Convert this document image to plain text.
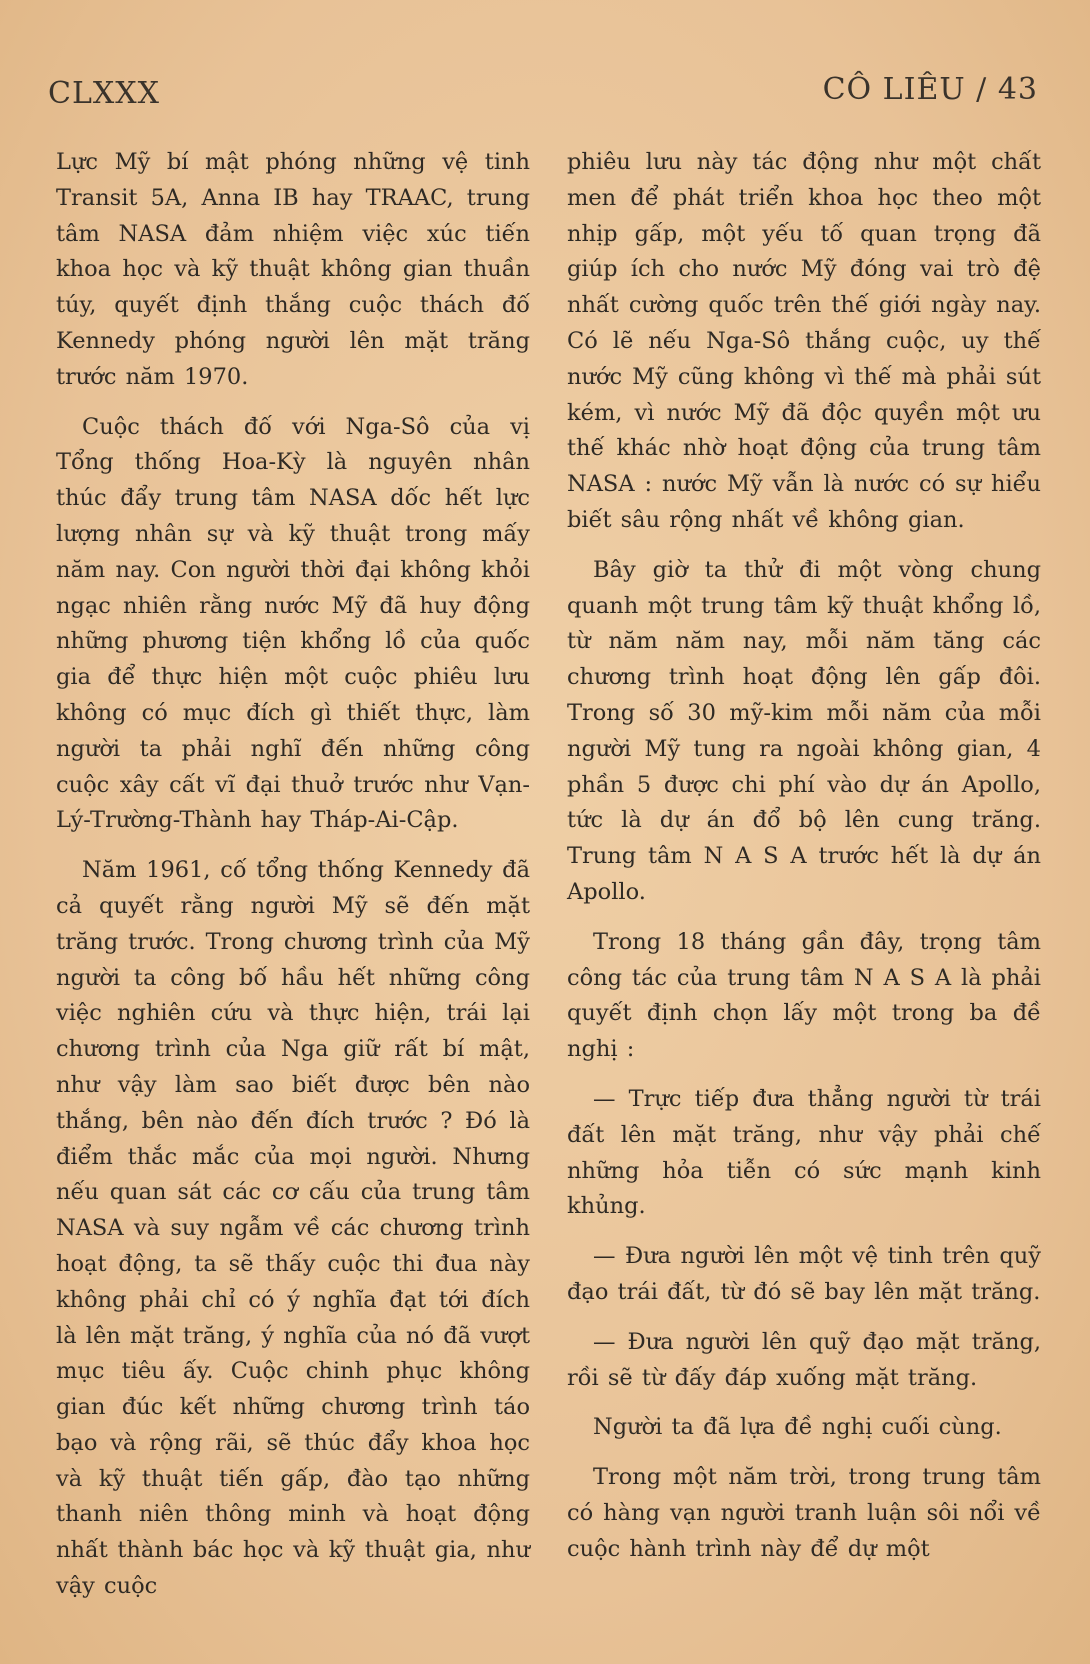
CLXXX	CÔ LIÊU / 43

Lực Mỹ bí mật phóng những vệ tinh Transit 5A, Anna IB hay TRAAC, trung tâm NASA đảm nhiệm việc xúc tiến khoa học và kỹ thuật không gian thuần túy, quyết định thắng cuộc thách đố Kennedy phóng người lên mặt trăng trước năm 1970.

Cuộc thách đố với Nga-Sô của vị Tổng thống Hoa-Kỳ là nguyên nhân thúc đẩy trung tâm NASA dốc hết lực lượng nhân sự và kỹ thuật trong mấy năm nay. Con người thời đại không khỏi ngạc nhiên rằng nước Mỹ đã huy động những phương tiện khổng lồ của quốc gia để thực hiện một cuộc phiêu lưu không có mục đích gì thiết thực, làm người ta phải nghĩ đến những công cuộc xây cất vĩ đại thuở trước như Vạn-Lý-Trường-Thành hay Tháp-Ai-Cập.

Năm 1961, cố tổng thống Kennedy đã cả quyết rằng người Mỹ sẽ đến mặt trăng trước. Trong chương trình của Mỹ người ta công bố hầu hết những công việc nghiên cứu và thực hiện, trái lại chương trình của Nga giữ rất bí mật, như vậy làm sao biết được bên nào thắng, bên nào đến đích trước ? Đó là điểm thắc mắc của mọi người. Nhưng nếu quan sát các cơ cấu của trung tâm NASA và suy ngẫm về các chương trình hoạt động, ta sẽ thấy cuộc thi đua này không phải chỉ có ý nghĩa đạt tới đích là lên mặt trăng, ý nghĩa của nó đã vượt mục tiêu ấy. Cuộc chinh phục không gian đúc kết những chương trình táo bạo và rộng rãi, sẽ thúc đẩy khoa học và kỹ thuật tiến gấp, đào tạo những thanh niên thông minh và hoạt động nhất thành bác học và kỹ thuật gia, như vậy cuộc

phiêu lưu này tác động như một chất men để phát triển khoa học theo một nhịp gấp, một yếu tố quan trọng đã giúp ích cho nước Mỹ đóng vai trò đệ nhất cường quốc trên thế giới ngày nay. Có lẽ nếu Nga-Sô thắng cuộc, uy thế nước Mỹ cũng không vì thế mà phải sút kém, vì nước Mỹ đã độc quyền một ưu thế khác nhờ hoạt động của trung tâm NASA : nước Mỹ vẫn là nước có sự hiểu biết sâu rộng nhất về không gian.

Bây giờ ta thử đi một vòng chung quanh một trung tâm kỹ thuật khổng lồ, từ năm năm nay, mỗi năm tăng các chương trình hoạt động lên gấp đôi. Trong số 30 mỹ-kim mỗi năm của mỗi người Mỹ tung ra ngoài không gian, 4 phần 5 được chi phí vào dự án Apollo, tức là dự án đổ bộ lên cung trăng. Trung tâm N A S A trước hết là dự án Apollo.

Trong 18 tháng gần đây, trọng tâm công tác của trung tâm N A S A là phải quyết định chọn lấy một trong ba đề nghị :

— Trực tiếp đưa thẳng người từ trái đất lên mặt trăng, như vậy phải chế những hỏa tiễn có sức mạnh kinh khủng.

— Đưa người lên một vệ tinh trên quỹ đạo trái đất, từ đó sẽ bay lên mặt trăng.

— Đưa người lên quỹ đạo mặt trăng, rồi sẽ từ đấy đáp xuống mặt trăng.

Người ta đã lựa đề nghị cuối cùng.

Trong một năm trời, trong trung tâm có hàng vạn người tranh luận sôi nổi về cuộc hành trình này để dự một
